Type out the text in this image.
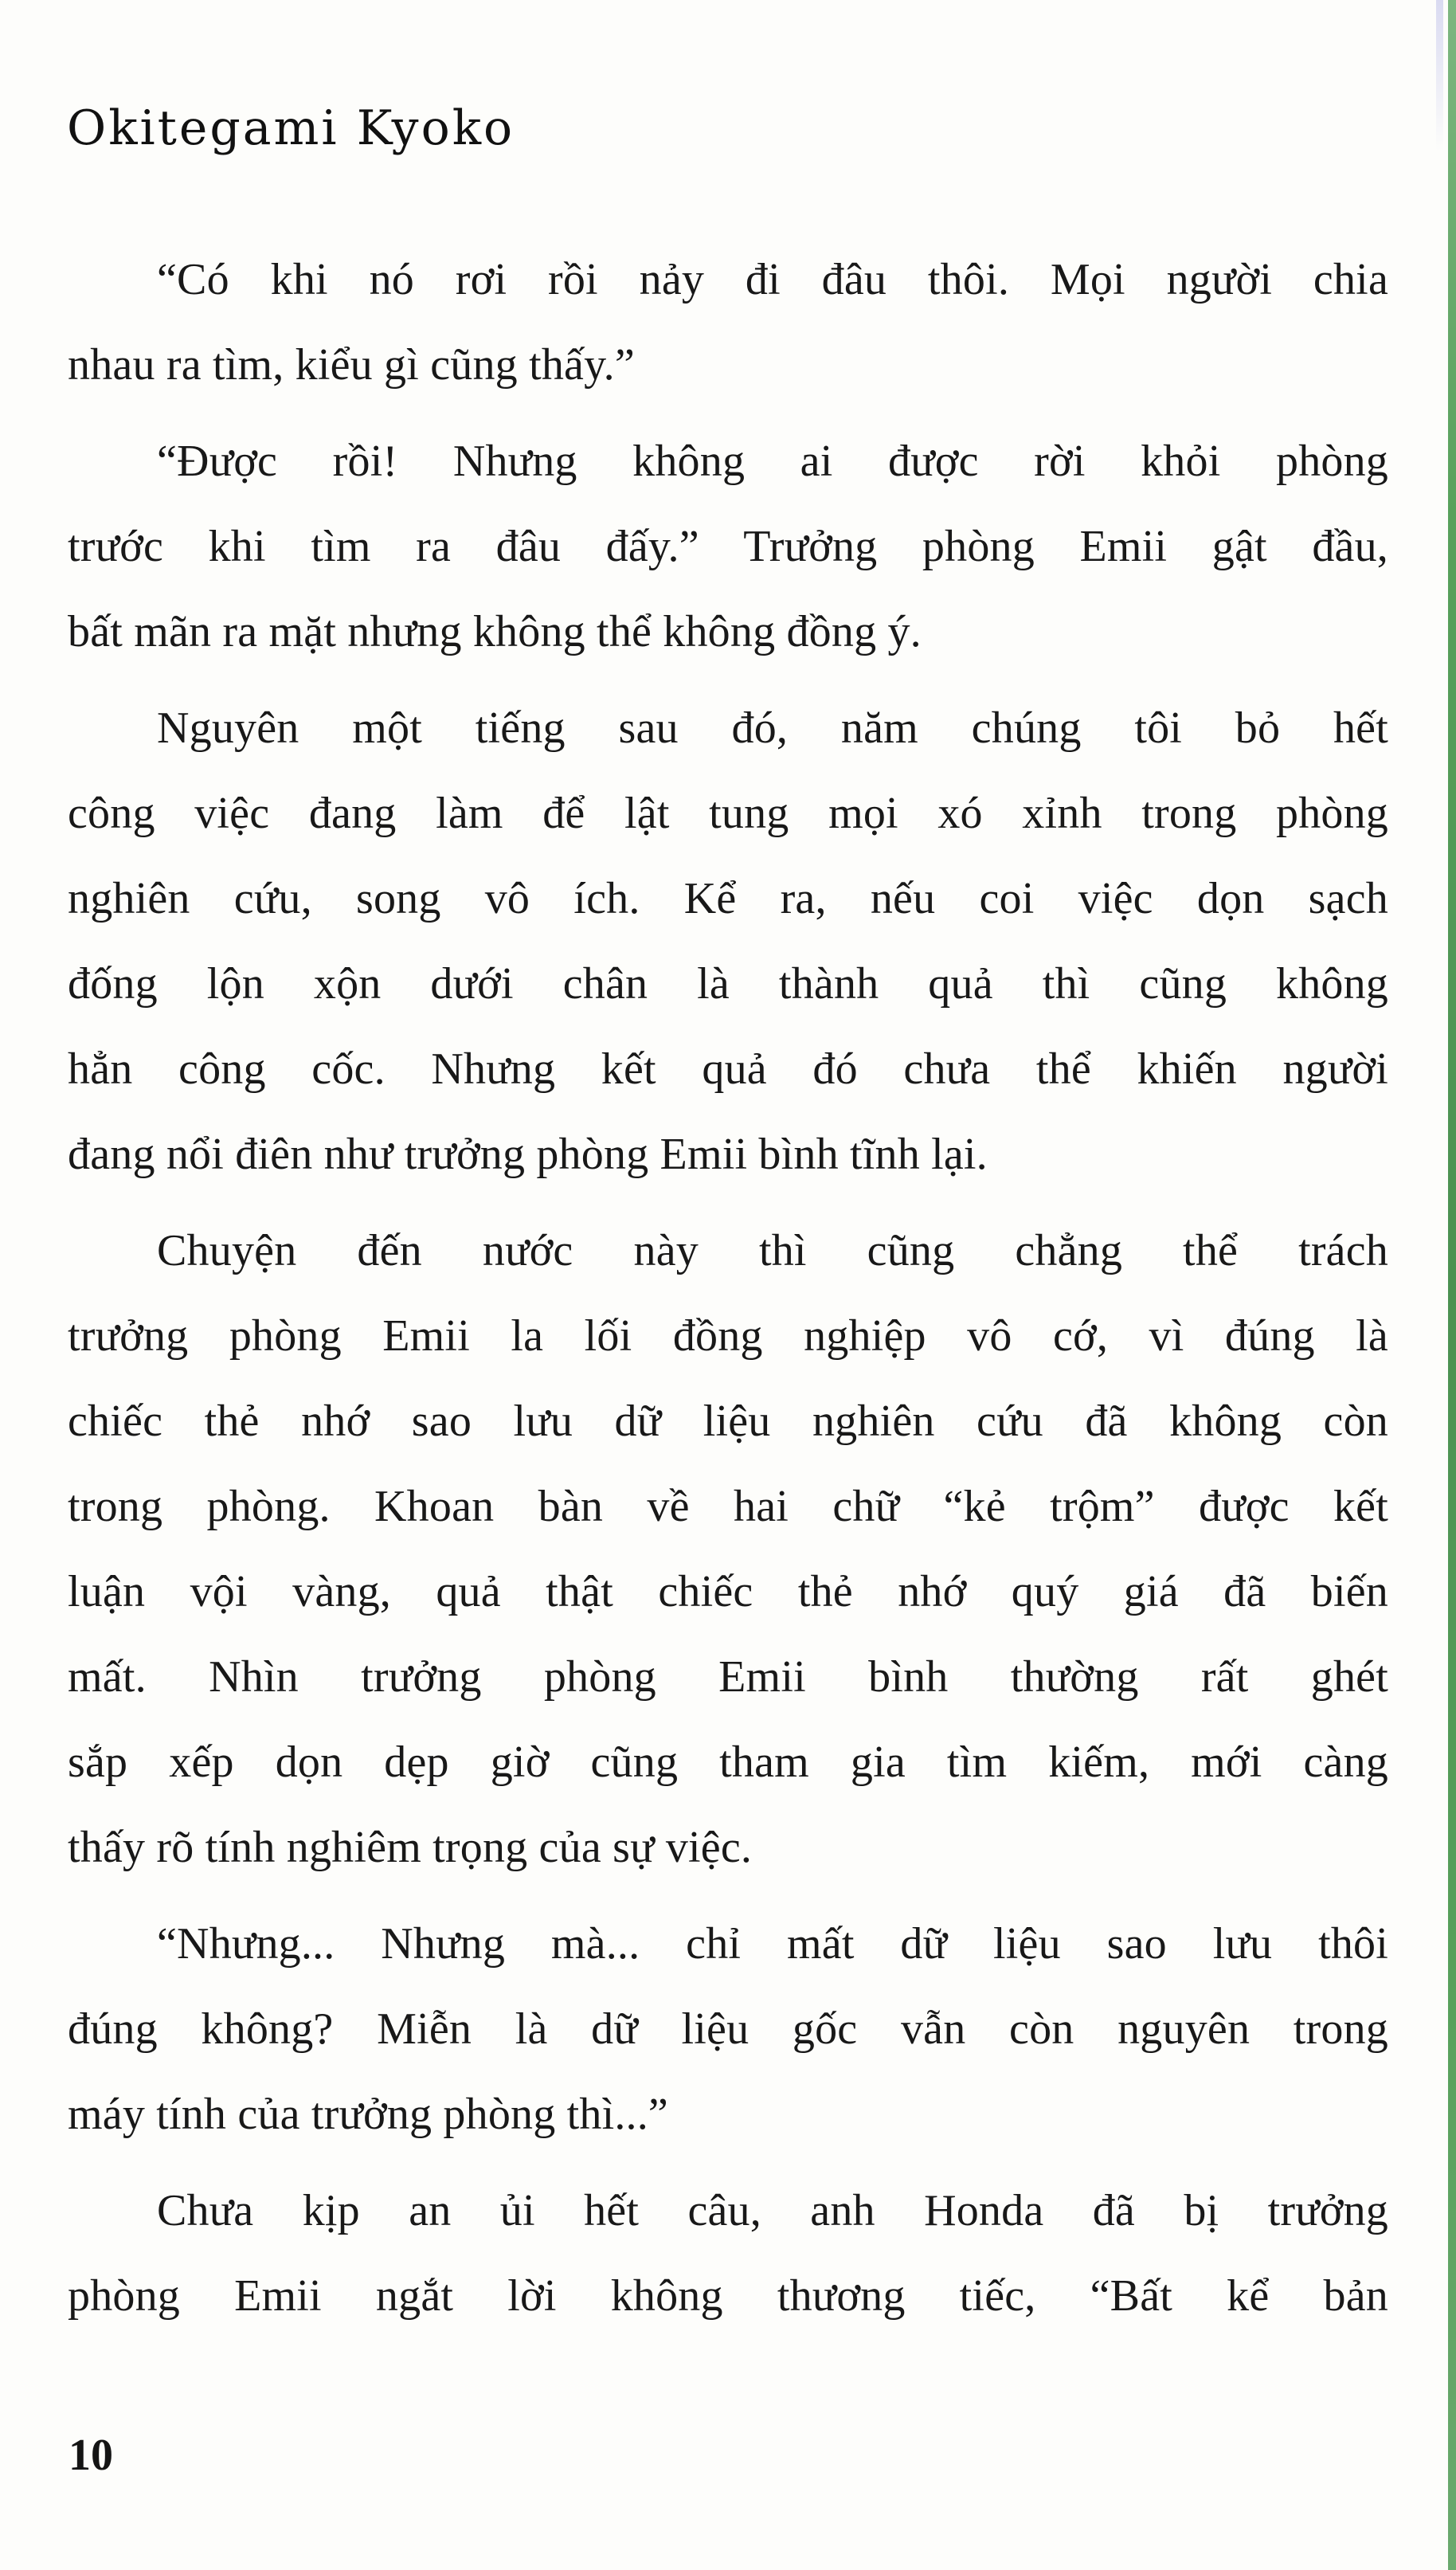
Okitegami Kyoko

“Có khi nó rơi rồi nảy đi đâu thôi. Mọi người chia
nhau ra tìm, kiểu gì cũng thấy.”

“Được rồi! Nhưng không ai được rời khỏi phòng
trước khi tìm ra đâu đấy.” Trưởng phòng Emii gật đầu,
bất mãn ra mặt nhưng không thể không đồng ý.

Nguyên một tiếng sau đó, năm chúng tôi bỏ hết
công việc đang làm để lật tung mọi xó xỉnh trong phòng
nghiên cứu, song vô ích. Kể ra, nếu coi việc dọn sạch
đống lộn xộn dưới chân là thành quả thì cũng không
hẳn công cốc. Nhưng kết quả đó chưa thể khiến người
đang nổi điên như trưởng phòng Emii bình tĩnh lại.

Chuyện đến nước này thì cũng chẳng thể trách
trưởng phòng Emii la lối đồng nghiệp vô cớ, vì đúng là
chiếc thẻ nhớ sao lưu dữ liệu nghiên cứu đã không còn
trong phòng. Khoan bàn về hai chữ “kẻ trộm” được kết
luận vội vàng, quả thật chiếc thẻ nhớ quý giá đã biến
mất. Nhìn trưởng phòng Emii bình thường rất ghét
sắp xếp dọn dẹp giờ cũng tham gia tìm kiếm, mới càng
thấy rõ tính nghiêm trọng của sự việc.

“Nhưng... Nhưng mà... chỉ mất dữ liệu sao lưu thôi
đúng không? Miễn là dữ liệu gốc vẫn còn nguyên trong
máy tính của trưởng phòng thì...”

Chưa kịp an ủi hết câu, anh Honda đã bị trưởng
phòng Emii ngắt lời không thương tiếc, “Bất kể bản

10
